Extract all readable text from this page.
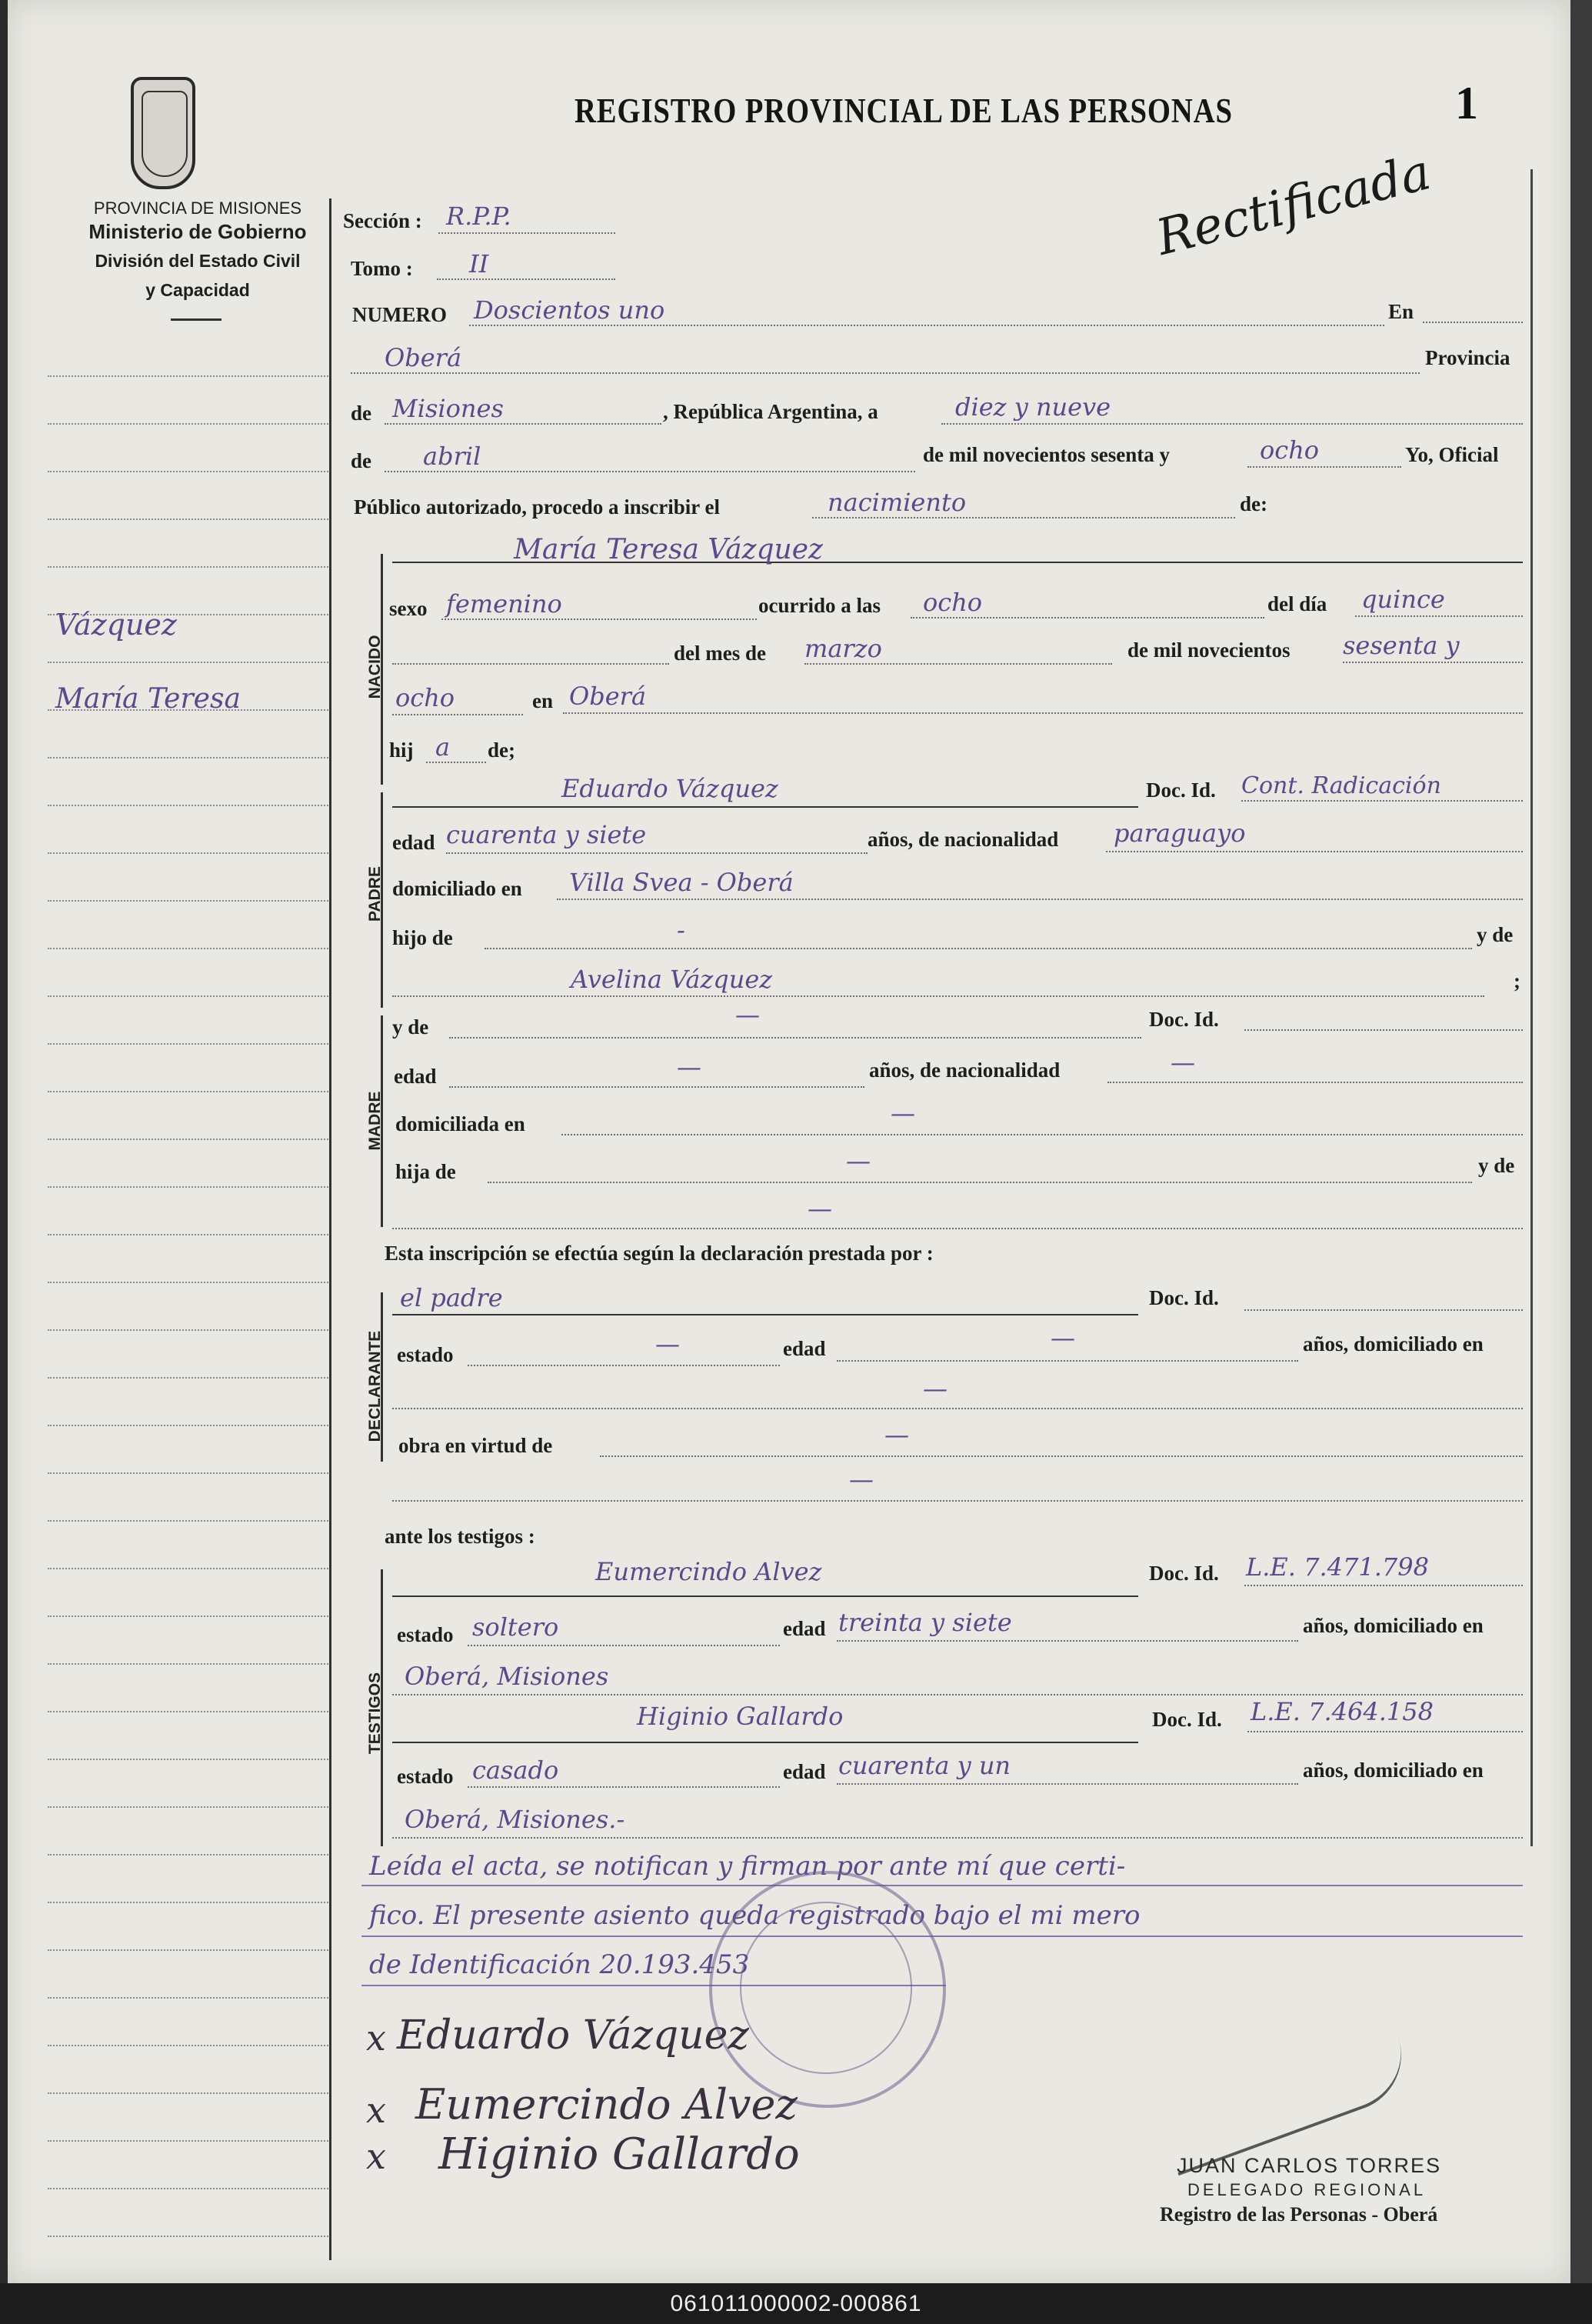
PROVINCIA DE MISIONES
Ministerio de Gobierno
División del Estado Civil
y Capacidad
REGISTRO PROVINCIAL DE LAS PERSONAS	1
Rectificada
Vázquez
María Teresa
Sección : R.P.P.
Tomo : II
NUMERO Doscientos uno	En
Oberá	Provincia
de Misiones	, República Argentina, a	diez y nueve
de abril	de mil novecientos sesenta y	ocho	Yo, Oficial
Público autorizado, procedo a inscribir el	nacimiento	de:
NACIDO
María Teresa Vázquez
sexo femenino	ocurrido a las ocho	del día quince
del mes de marzo	de mil novecientos sesenta y
ocho	en Oberá
hij a de;
PADRE
Eduardo Vázquez	Doc. Id. Cont. Radicación
edad cuarenta y siete	años, de nacionalidad paraguayo
domiciliado en Villa Svea - Oberá
hijo de	-	y de
Avelina Vázquez	;
MADRE
y de	—	Doc. Id.
edad	—	años, de nacionalidad	—
domiciliada en	—
hija de	—	y de
—
Esta inscripción se efectúa según la declaración prestada por :
DECLARANTE
el padre	Doc. Id.
estado	—	edad	—	años, domiciliado en
—
obra en virtud de	—
—
ante los testigos :
TESTIGOS
Eumercindo Alvez	Doc. Id. L.E. 7.471.798
estado soltero	edad treinta y siete	años, domiciliado en
Oberá, Misiones
Higinio Gallardo	Doc. Id. L.E. 7.464.158
estado casado	edad cuarenta y un	años, domiciliado en
Oberá, Misiones.-
Leída el acta, se notifican y firman por ante mí que certi-
fico. El presente asiento queda registrado bajo el mi mero
de Identificación 20.193.453
x Eduardo Vázquez
x Eumercindo Alvez
x Higinio Gallardo	JUAN CARLOS TORRES
DELEGADO REGIONAL
Registro de las Personas - Oberá
061011000002-000861
